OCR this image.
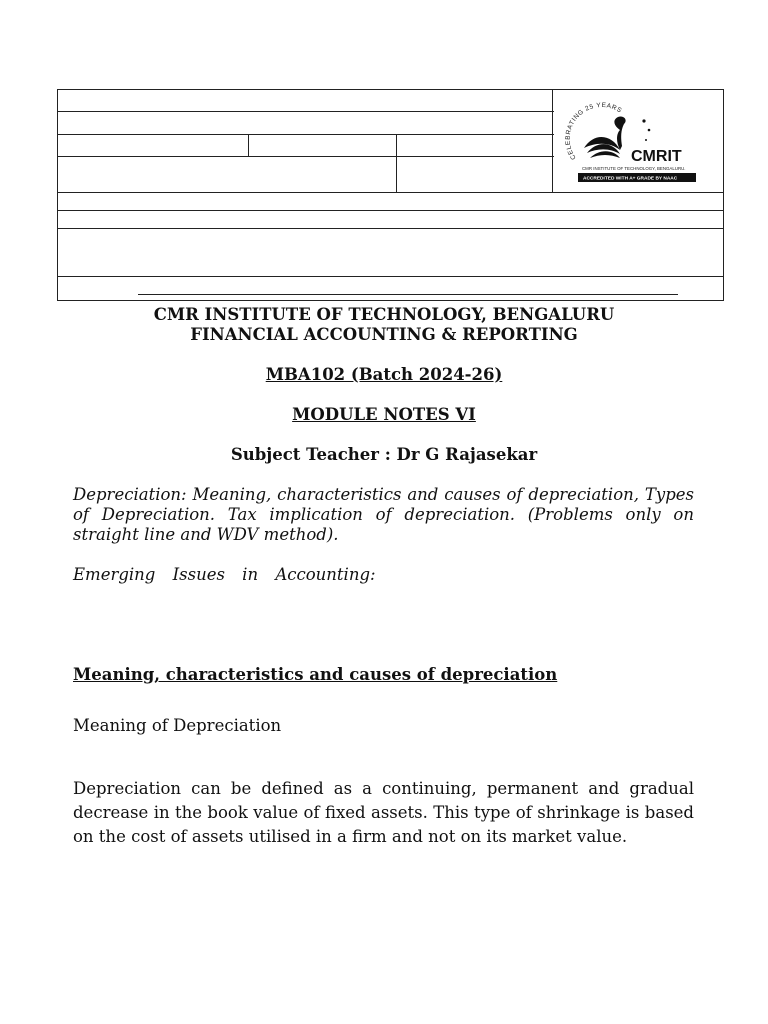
CELEBRATING 25 YEARS
CMRIT
CMR INSTITUTE OF TECHNOLOGY, BENGALURU.
ACCREDITED WITH A+ GRADE BY NAAC
CMR INSTITUTE OF TECHNOLOGY, BENGALURU
FINANCIAL ACCOUNTING & REPORTING
MBA102 (Batch 2024-26)
MODULE NOTES VI
Subject Teacher : Dr G Rajasekar
Depreciation: Meaning, characteristics and causes of depreciation, Types of Depreciation. Tax implication of depreciation. (Problems only on straight line and WDV method).
Emerging Issues in Accounting:
Meaning, characteristics and causes of depreciation
Meaning of Depreciation
Depreciation can be defined as a continuing, permanent and gradual decrease in the book value of fixed assets. This type of shrinkage is based on the cost of assets utilised in a firm and not on its market value.
